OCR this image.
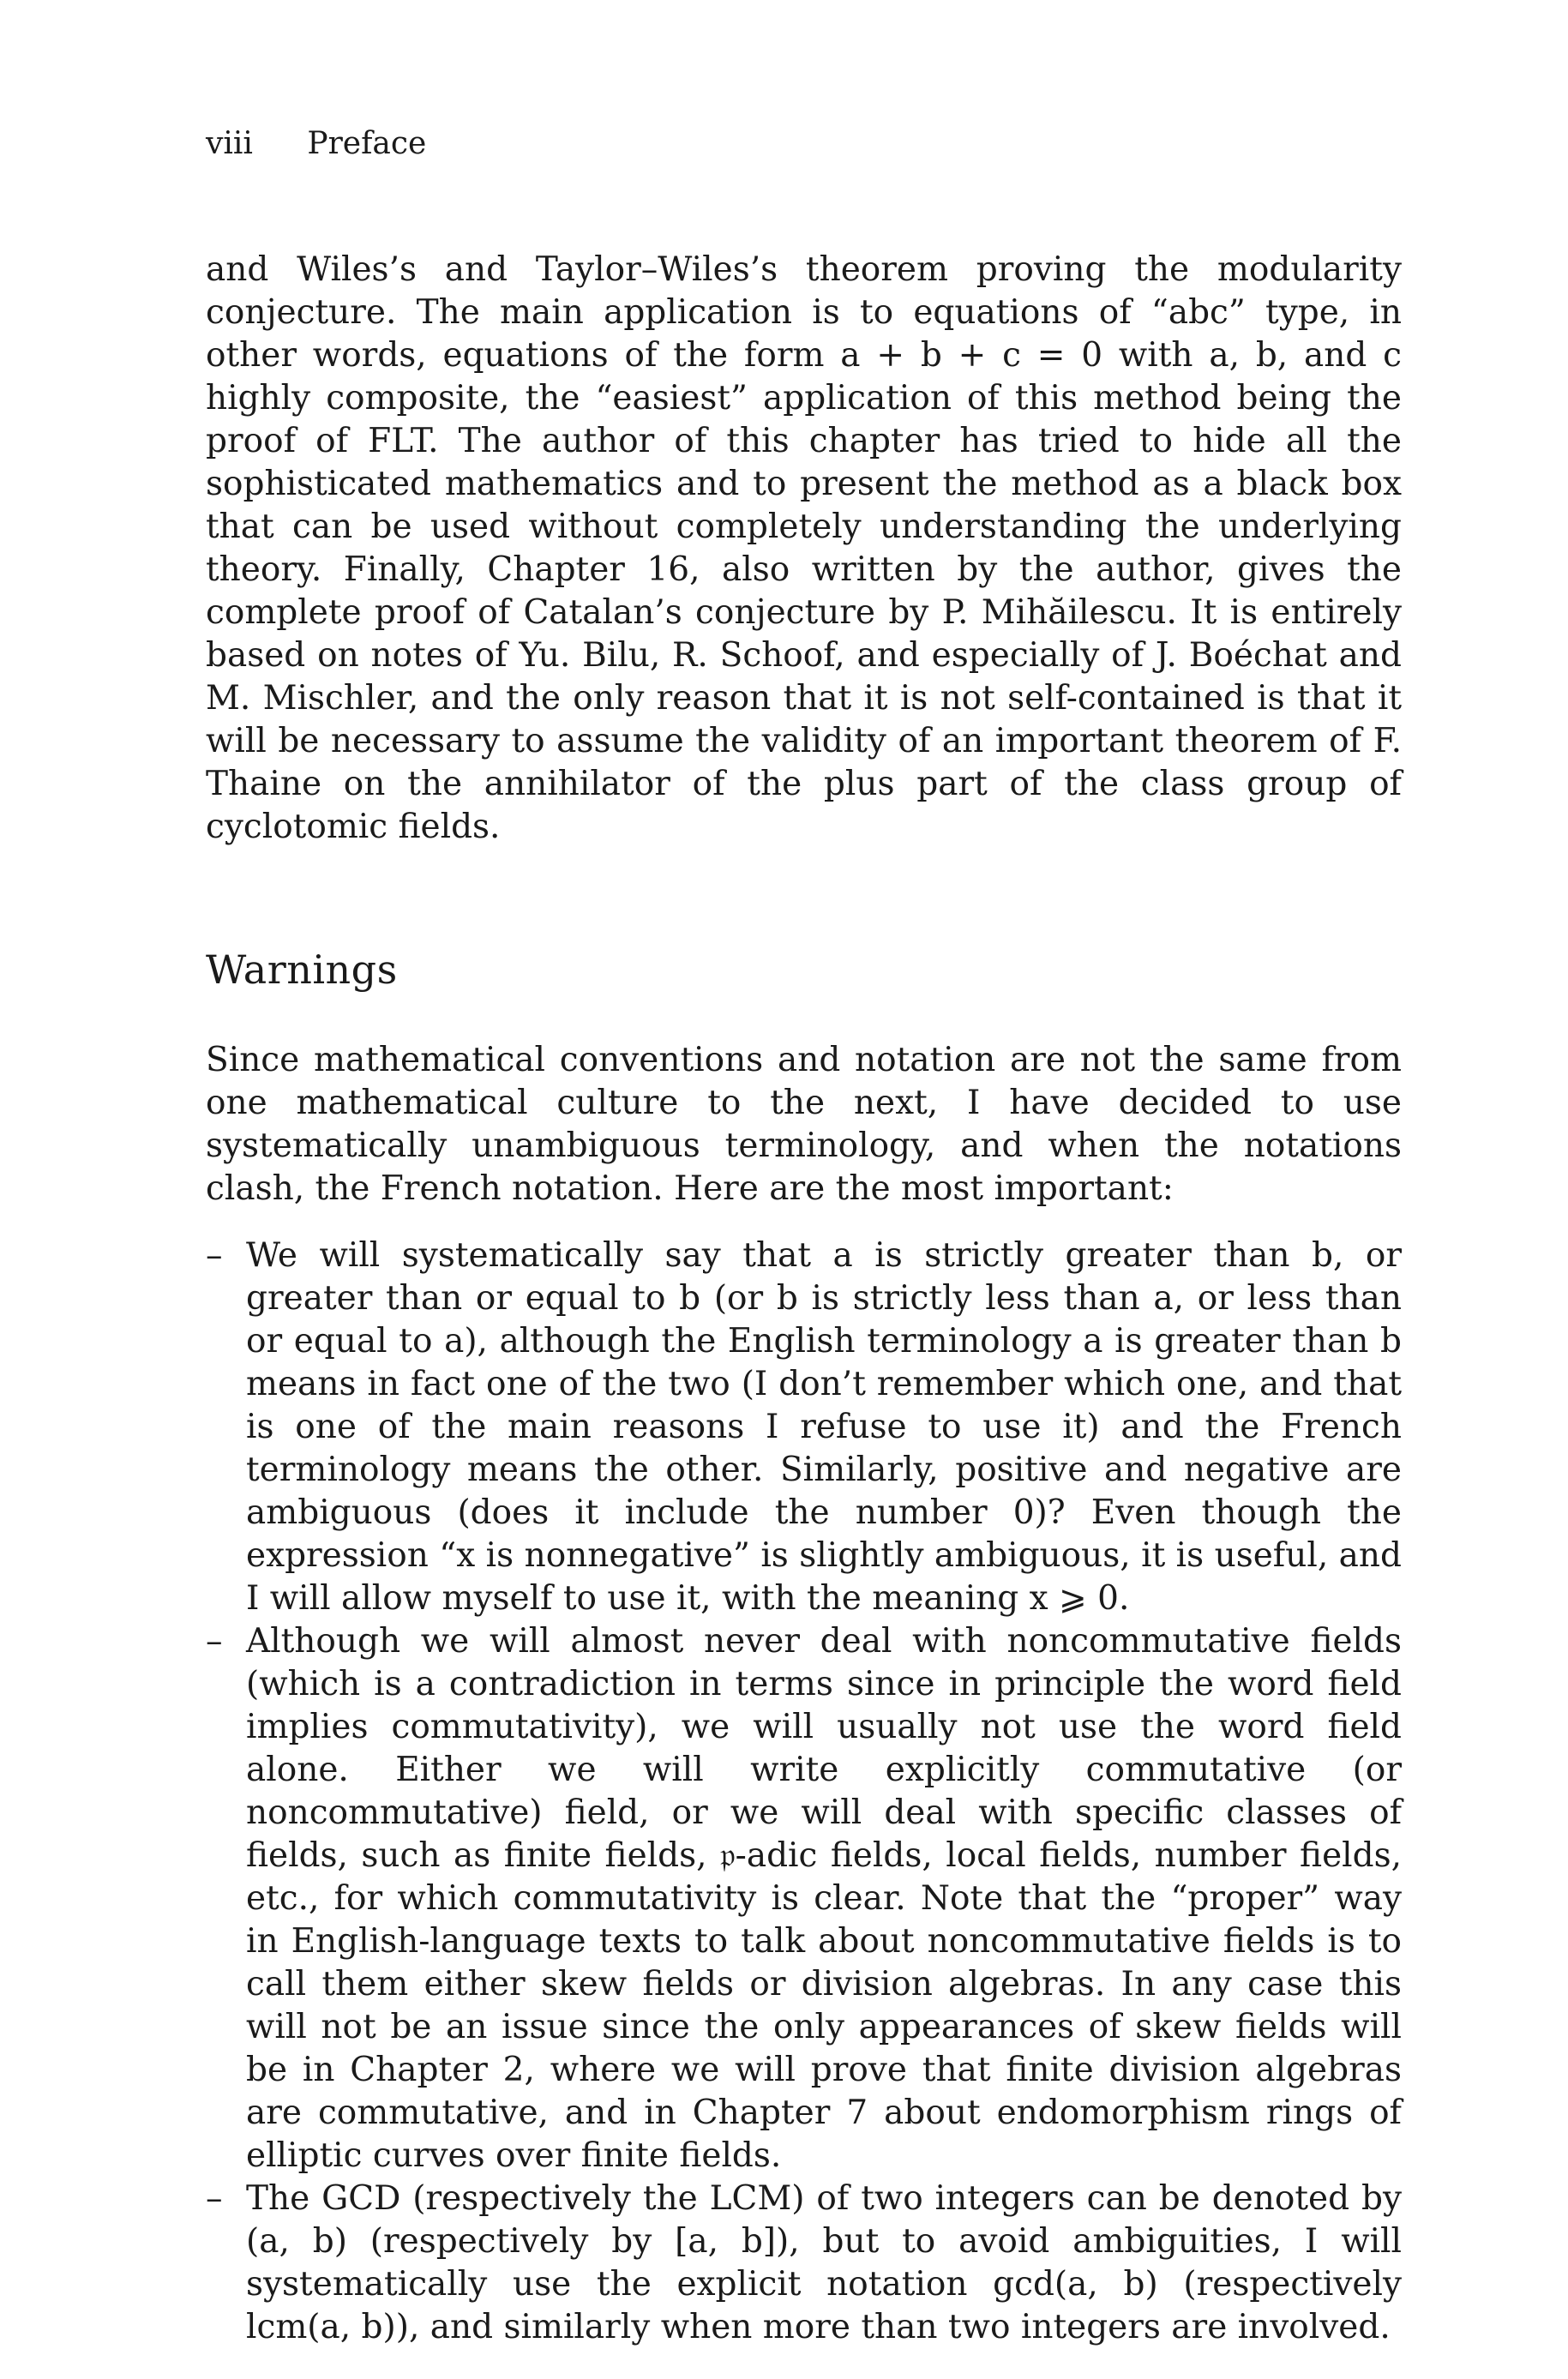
viii Preface

and Wiles’s and Taylor–Wiles’s theorem proving the modularity conjecture. The main application is to equations of “abc” type, in other words, equations of the form a + b + c = 0 with a, b, and c highly composite, the “easiest” application of this method being the proof of FLT. The author of this chapter has tried to hide all the sophisticated mathematics and to present the method as a black box that can be used without completely understanding the underlying theory. Finally, Chapter 16, also written by the author, gives the complete proof of Catalan’s conjecture by P. Mihăilescu. It is entirely based on notes of Yu. Bilu, R. Schoof, and especially of J. Boéchat and M. Mischler, and the only reason that it is not self-contained is that it will be necessary to assume the validity of an important theorem of F. Thaine on the annihilator of the plus part of the class group of cyclotomic fields.

Warnings

Since mathematical conventions and notation are not the same from one mathematical culture to the next, I have decided to use systematically unambiguous terminology, and when the notations clash, the French notation. Here are the most important:

– We will systematically say that a is strictly greater than b, or greater than or equal to b (or b is strictly less than a, or less than or equal to a), although the English terminology a is greater than b means in fact one of the two (I don’t remember which one, and that is one of the main reasons I refuse to use it) and the French terminology means the other. Similarly, positive and negative are ambiguous (does it include the number 0)? Even though the expression “x is nonnegative” is slightly ambiguous, it is useful, and I will allow myself to use it, with the meaning x ⩾ 0.
– Although we will almost never deal with noncommutative fields (which is a contradiction in terms since in principle the word field implies commutativity), we will usually not use the word field alone. Either we will write explicitly commutative (or noncommutative) field, or we will deal with specific classes of fields, such as finite fields, 𝔭-adic fields, local fields, number fields, etc., for which commutativity is clear. Note that the “proper” way in English-language texts to talk about noncommutative fields is to call them either skew fields or division algebras. In any case this will not be an issue since the only appearances of skew fields will be in Chapter 2, where we will prove that finite division algebras are commutative, and in Chapter 7 about endomorphism rings of elliptic curves over finite fields.
– The GCD (respectively the LCM) of two integers can be denoted by (a, b) (respectively by [a, b]), but to avoid ambiguities, I will systematically use the explicit notation gcd(a, b) (respectively lcm(a, b)), and similarly when more than two integers are involved.
